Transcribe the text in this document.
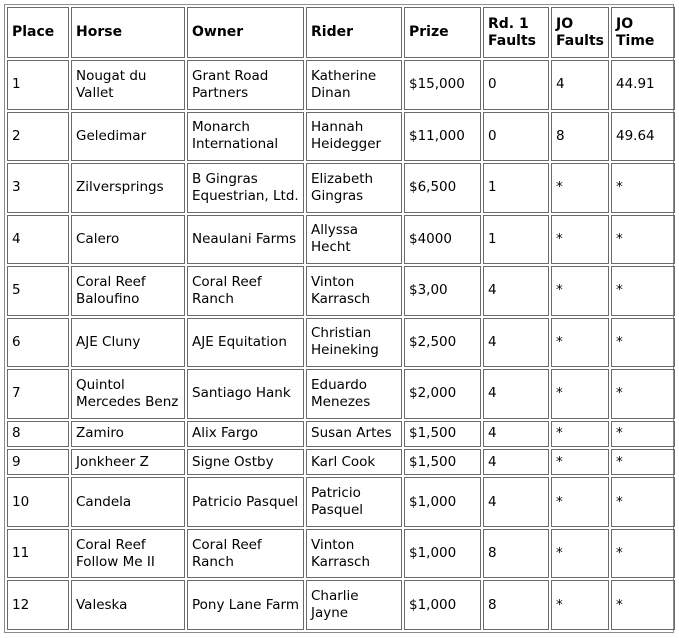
Place	Horse	Owner	Rider	Prize	Rd. 1 Faults	JO Faults	JO Time
1	Nougat du Vallet	Grant Road Partners	Katherine Dinan	$15,000	0	4	44.91
2	Geledimar	Monarch International	Hannah Heidegger	$11,000	0	8	49.64
3	Zilversprings	B Gingras Equestrian, Ltd.	Elizabeth Gingras	$6,500	1	*	*
4	Calero	Neaulani Farms	Allyssa Hecht	$4000	1	*	*
5	Coral Reef Baloufino	Coral Reef Ranch	Vinton Karrasch	$3,00	4	*	*
6	AJE Cluny	AJE Equitation	Christian Heineking	$2,500	4	*	*
7	Quintol Mercedes Benz	Santiago Hank	Eduardo Menezes	$2,000	4	*	*
8	Zamiro	Alix Fargo	Susan Artes	$1,500	4	*	*
9	Jonkheer Z	Signe Ostby	Karl Cook	$1,500	4	*	*
10	Candela	Patricio Pasquel	Patricio Pasquel	$1,000	4	*	*
11	Coral Reef Follow Me II	Coral Reef Ranch	Vinton Karrasch	$1,000	8	*	*
12	Valeska	Pony Lane Farm	Charlie Jayne	$1,000	8	*	*
